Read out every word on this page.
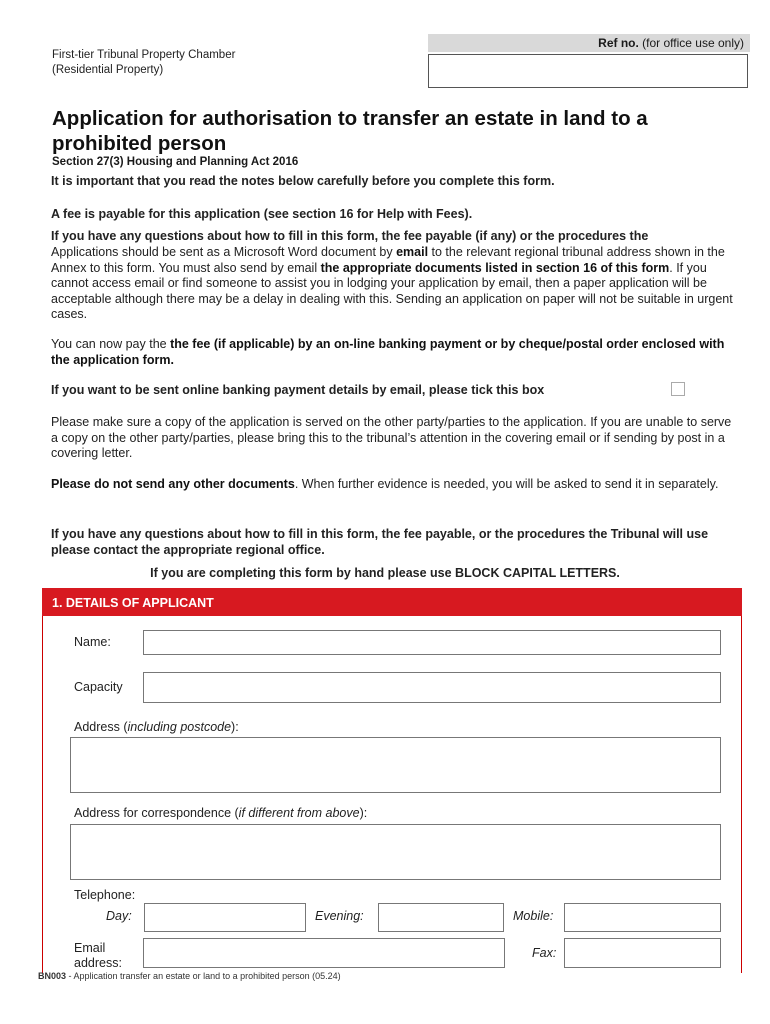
First-tier Tribunal Property Chamber
(Residential Property)
Ref no. (for office use only)
Application for authorisation to transfer an estate in land to a prohibited person
Section 27(3) Housing and Planning Act 2016
It is important that you read the notes below carefully before you complete this form.
A fee is payable for this application (see section 16 for Help with Fees).
If you have any questions about how to fill in this form, the fee payable (if any) or the procedures the
Applications should be sent as a Microsoft Word document by email to the relevant regional tribunal address shown in the Annex to this form. You must also send by email the appropriate documents listed in section 16 of this form. If you cannot access email or find someone to assist you in lodging your application by email, then a paper application will be acceptable although there may be a delay in dealing with this. Sending an application on paper will not be suitable in urgent cases.
You can now pay the the fee (if applicable) by an on-line banking payment or by cheque/postal order enclosed with the application form.
If you want to be sent online banking payment details by email, please tick this box
Please make sure a copy of the application is served on the other party/parties to the application. If you are unable to serve a copy on the other party/parties, please bring this to the tribunal’s attention in the covering email or if sending by post in a covering letter.
Please do not send any other documents. When further evidence is needed, you will be asked to send it in separately.
If you have any questions about how to fill in this form, the fee payable, or the procedures the Tribunal will use please contact the appropriate regional office.
If you are completing this form by hand please use BLOCK CAPITAL LETTERS.
1. DETAILS OF APPLICANT
Name:
Capacity
Address (including postcode):
Address for correspondence (if different from above):
Telephone:
Day:	Evening:	Mobile:
Email
address:
Fax:
BN003 - Application transfer an estate or land to a prohibited person (05.24)
